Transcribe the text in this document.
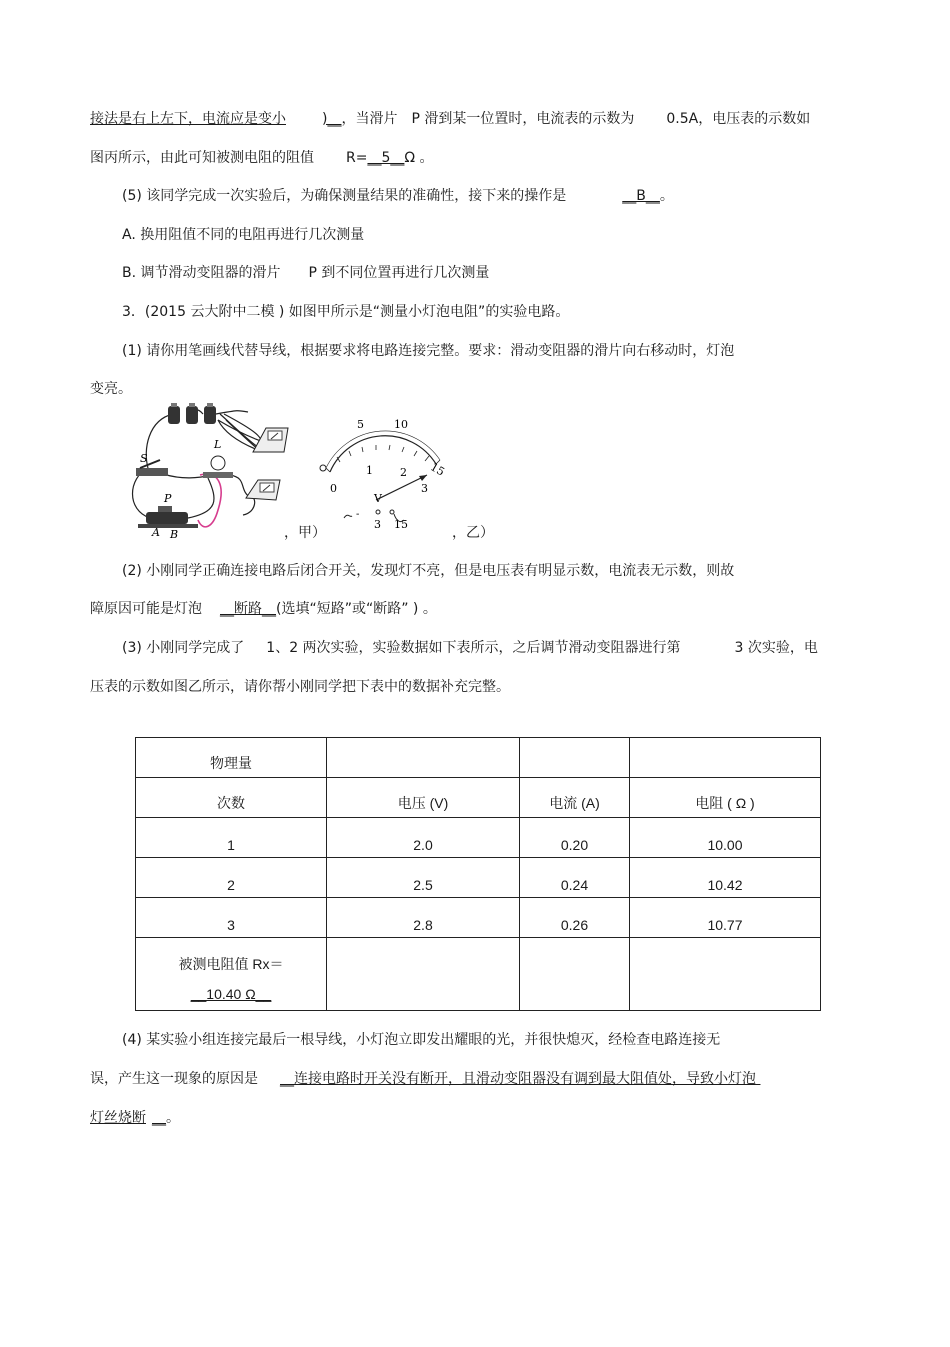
接法是右上左下，电流应是变小	)__，当滑片 P 滑到某一位置时，电流表的示数为 0.5A，电压表的示数如
图丙所示，由此可知被测电阻的阻值 R=__5__Ω 。
(5) 该同学完成一次实验后，为确保测量结果的准确性，接下来的操作是	__B__。
A. 换用阻值不同的电阻再进行几次测量
B. 调节滑动变阻器的滑片 P 到不同位置再进行几次测量
3．(2015 云大附中二模 ) 如图甲所示是“测量小灯泡电阻”的实验电路。
(1) 请你用笔画线代替导线，根据要求将电路连接完整。要求：滑动变阻器的滑片向右移动时，灯泡
变亮。
S
L
P
A B
5	10
15
0
1 2
3
V
-
3 15
，甲）	，乙）
(2) 小刚同学正确连接电路后闭合开关，发现灯不亮，但是电压表有明显示数，电流表无示数，则故
障原因可能是灯泡 __断路__(选填“短路”或“断路” ) 。
(3) 小刚同学完成了 1、2 两次实验，实验数据如下表所示，之后调节滑动变阻器进行第	3 次实验，电
压表的示数如图乙所示，请你帮小刚同学把下表中的数据补充完整。
物理量			
次数	电压 (V)	电流 (A)	电阻 ( Ω )
1	2.0	0.20	10.00
2	2.5	0.24	10.42
3	2.8	0.26	10.77

被测电阻值 Rx＝
__10.40 Ω__			

(4) 某实验小组连接完最后一根导线，小灯泡立即发出耀眼的光，并很快熄灭，经检查电路连接无
误，产生这一现象的原因是 __连接电路时开关没有断开，且滑动变阻器没有调到最大阻值处，导致小灯泡
灯丝烧断 __。
